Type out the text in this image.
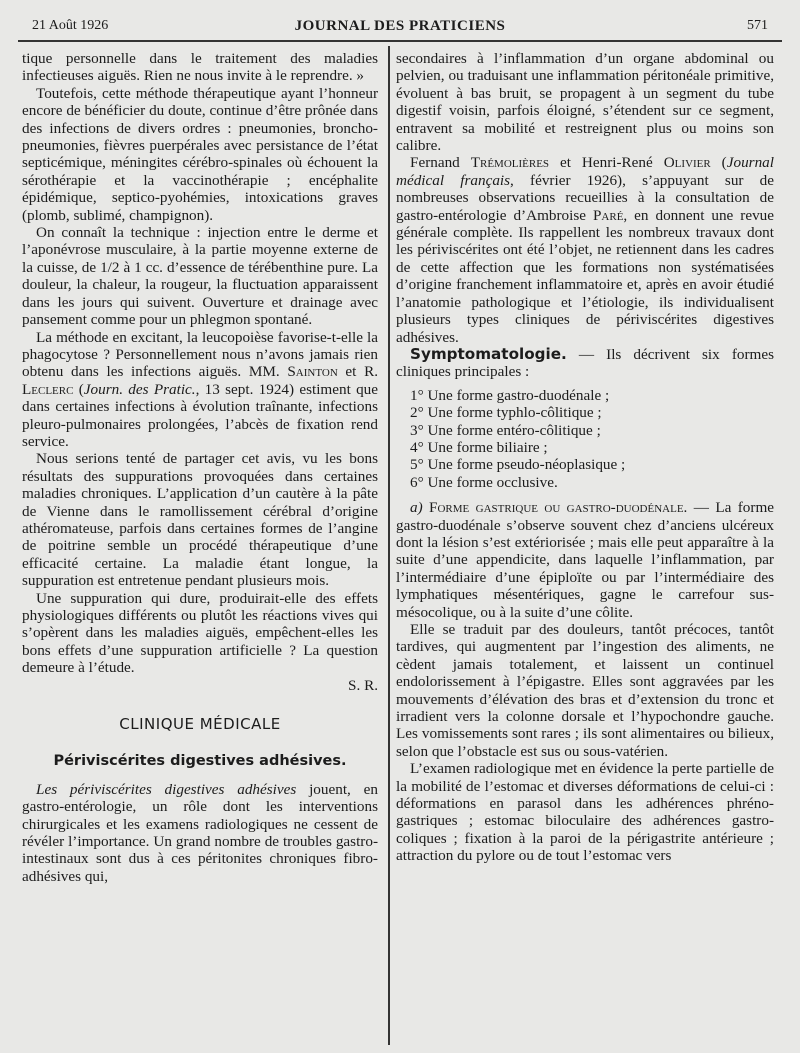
21 Août 1926	JOURNAL DES PRATICIENS	571

tique personnelle dans le traitement des maladies infectieuses aiguës. Rien ne nous invite à le reprendre. »

Toutefois, cette méthode thérapeutique ayant l’honneur encore de bénéficier du doute, continue d’être prônée dans des infections de divers ordres : pneumonies, broncho-pneumonies, fièvres puerpérales avec persistance de l’état septicémique, méningites cérébro-spinales où échouent la sérothérapie et la vaccinothérapie ; encéphalite épidémique, septico-pyohémies, intoxications graves (plomb, sublimé, champignon).

On connaît la technique : injection entre le derme et l’aponévrose musculaire, à la partie moyenne externe de la cuisse, de 1/2 à 1 cc. d’essence de térébenthine pure. La douleur, la chaleur, la rougeur, la fluctuation apparaissent dans les jours qui suivent. Ouverture et drainage avec pansement comme pour un phlegmon spontané.

La méthode en excitant, la leucopoièse favorise-t-elle la phagocytose ? Personnellement nous n’avons jamais rien obtenu dans les infections aiguës. MM. Sainton et R. Leclerc (Journ. des Pratic., 13 sept. 1924) estiment que dans certaines infections à évolution traînante, infections pleuro-pulmonaires prolongées, l’abcès de fixation rend service.

Nous serions tenté de partager cet avis, vu les bons résultats des suppurations provoquées dans certaines maladies chroniques. L’application d’un cautère à la pâte de Vienne dans le ramollissement cérébral d’origine athéromateuse, parfois dans certaines formes de l’angine de poitrine semble un procédé thérapeutique d’une efficacité certaine. La maladie étant longue, la suppuration est entretenue pendant plusieurs mois.

Une suppuration qui dure, produirait-elle des effets physiologiques différents ou plutôt les réactions vives qui s’opèrent dans les maladies aiguës, empêchent-elles les bons effets d’une suppuration artificielle ? La question demeure à l’étude.

S. R.

CLINIQUE MÉDICALE
Périviscérites digestives adhésives.

Les périviscérites digestives adhésives jouent, en gastro-entérologie, un rôle dont les interventions chirurgicales et les examens radiologiques ne cessent de révéler l’importance. Un grand nombre de troubles gastro-intestinaux sont dus à ces péritonites chroniques fibro-adhésives qui,

secondaires à l’inflammation d’un organe abdominal ou pelvien, ou traduisant une inflammation péritonéale primitive, évoluent à bas bruit, se propagent à un segment du tube digestif voisin, parfois éloigné, s’étendent sur ce segment, entravent sa mobilité et restreignent plus ou moins son calibre.

Fernand Trémolières et Henri-René Olivier (Journal médical français, février 1926), s’appuyant sur de nombreuses observations recueillies à la consultation de gastro-entérologie d’Ambroise Paré, en donnent une revue générale complète. Ils rappellent les nombreux travaux dont les périviscérites ont été l’objet, ne retiennent dans les cadres de cette affection que les formations non systématisées d’origine franchement inflammatoire et, après en avoir étudié l’anatomie pathologique et l’étiologie, ils individualisent plusieurs types cliniques de périviscérites digestives adhésives.

Symptomatologie. — Ils décrivent six formes cliniques principales :

1° Une forme gastro-duodénale ;
2° Une forme typhlo-côlitique ;
3° Une forme entéro-côlitique ;
4° Une forme biliaire ;
5° Une forme pseudo-néoplasique ;
6° Une forme occlusive.

a) Forme gastrique ou gastro-duodénale. — La forme gastro-duodénale s’observe souvent chez d’anciens ulcéreux dont la lésion s’est extériorisée ; mais elle peut apparaître à la suite d’une appendicite, dans laquelle l’inflammation, par l’intermédiaire d’une épiploïte ou par l’intermédiaire des lymphatiques mésentériques, gagne le carrefour sus-mésocolique, ou à la suite d’une côlite.

Elle se traduit par des douleurs, tantôt précoces, tantôt tardives, qui augmentent par l’ingestion des aliments, ne cèdent jamais totalement, et laissent un continuel endolorissement à l’épigastre. Elles sont aggravées par les mouvements d’élévation des bras et d’extension du tronc et irradient vers la colonne dorsale et l’hypochondre gauche. Les vomissements sont rares ; ils sont alimentaires ou bilieux, selon que l’obstacle est sus ou sous-vatérien.

L’examen radiologique met en évidence la perte partielle de la mobilité de l’estomac et diverses déformations de celui-ci : déformations en parasol dans les adhérences phréno-gastriques ; estomac biloculaire des adhérences gastro-coliques ; fixation à la paroi de la périgastrite antérieure ; attraction du pylore ou de tout l’estomac vers
